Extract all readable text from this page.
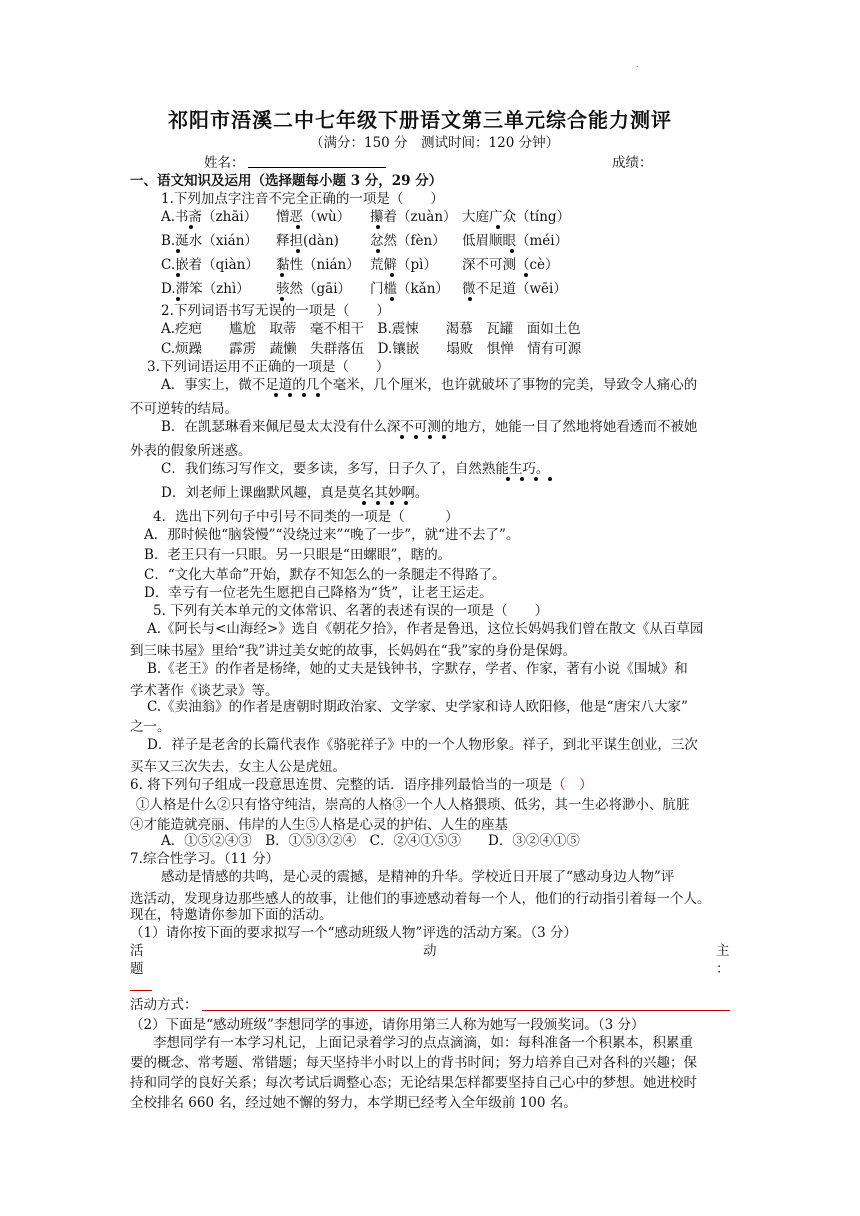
.
祁阳市浯溪二中七年级下册语文第三单元综合能力测评
（满分：150 分　测试时间：120 分钟）
姓名：	成绩：
一、语文知识及运用（选择题每小题 3 分，29 分）
1.下列加点字注音不完全正确的一项是（　　）
A.书斋（zhāi） 憎恶（wù） 攥着（zuàn） 大庭广众（tíng）
B.涎水（xián） 释担(dàn) 忿然（fèn） 低眉顺眼（méi）
C.嵌着（qiàn） 黏性（nián） 荒僻（pì） 深不可测（cè）
D.滞笨（zhì） 骇然（gāi） 门槛（kǎn） 微不足道（wēi）
2.下列词语书写无误的一项是（　　）
A.疙疤　　尴尬　取蒂　毫不相干　B.震悚　　渴慕　瓦罐　面如土色
C.烦躁　　霹雳　蔬懒　失群落伍　D.镶嵌　　塌败　惧惮　情有可源
3.下列词语运用不正确的一项是（　　）
A．事实上，微不足道的几个毫米，几个厘米，也许就破坏了事物的完美，导致令人痛心的
不可逆转的结局。
B．在凯瑟琳看来佩尼曼太太没有什么深不可测的地方，她能一目了然地将她看透而不被她
外表的假象所迷惑。
C．我们练习写作文，要多读，多写，日子久了，自然熟能生巧。
D．刘老师上课幽默风趣，真是莫名其妙啊。
4．选出下列句子中引号不同类的一项是（　　　）
A．那时候他“脑袋慢”“没绕过来”“晚了一步”，就“进不去了”。
B．老王只有一只眼。另一只眼是“田螺眼”，瞎的。
C．“文化大革命”开始，默存不知怎么的一条腿走不得路了。
D．幸亏有一位老先生愿把自己降格为“货”，让老王运走。
5. 下列有关本单元的文体常识、名著的表述有误的一项是（　　）
A.《阿长与<山海经>》选自《朝花夕拾》，作者是鲁迅，这位长妈妈我们曾在散文《从百草园
到三味书屋》里给“我”讲过美女蛇的故事，长妈妈在“我”家的身份是保姆。
B.《老王》的作者是杨绛，她的丈夫是钱钟书，字默存，学者、作家，著有小说《围城》和
学术著作《谈艺录》等。
C.《卖油翁》的作者是唐朝时期政治家、文学家、史学家和诗人欧阳修，他是“唐宋八大家”
之一。
D．祥子是老舍的长篇代表作《骆驼祥子》中的一个人物形象。祥子，到北平谋生创业，三次
买车又三次失去，女主人公是虎妞。
6. 将下列句子组成一段意思连贯、完整的话．语序排列最恰当的一项是（　）
①人格是什么②只有恪守纯洁，崇高的人格③一个人人格猥琐、低劣，其一生必将渺小、肮脏
④才能造就亮丽、伟岸的人生⑤人格是心灵的护佑、人生的座基
A．①⑤②④③　B．①⑤③②④　C．②④①⑤③　　D．③②④①⑤
7.综合性学习。（11 分）
感动是情感的共鸣，是心灵的震撼，是精神的升华。学校近日开展了“感动身边人物”评
选活动，发现身边那些感人的故事，让他们的事迹感动着每一个人，他们的行动指引着每一个人。
现在，特邀请你参加下面的活动。
（1）请你按下面的要求拟写一个“感动班级人物”评选的活动方案。（3 分）
活	动	主
题	：
活动方式：
（2）下面是“感动班级”李想同学的事迹，请你用第三人称为她写一段颁奖词。（3 分）
李想同学有一本学习札记，上面记录着学习的点点滴滴，如：每科准备一个积累本，积累重
要的概念、常考题、常错题；每天坚持半小时以上的背书时间；努力培养自己对各科的兴趣；保
持和同学的良好关系；每次考试后调整心态；无论结果怎样都要坚持自己心中的梦想。她进校时
全校排名 660 名，经过她不懈的努力，本学期已经考入全年级前 100 名。
